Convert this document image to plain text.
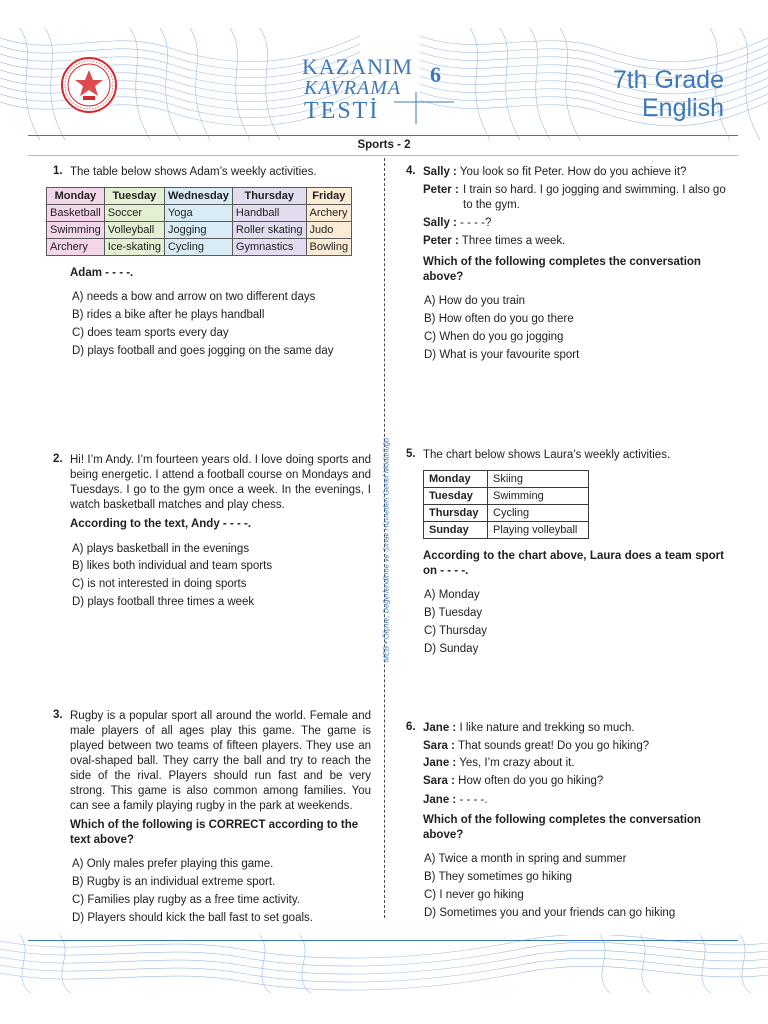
KAZANIM
KAVRAMA
TESTİ
6	7th Grade
English
Sports - 2
MEB • Ölçme, Değerlendirme ve Sınav Hizmetleri Genel Müdürlüğü
1. The table below shows Adam’s weekly activities.
Monday	Tuesday	Wednesday	Thursday	Friday
Basketball	Soccer	Yoga	Handball	Archery
Swimming	Volleyball	Jogging	Roller skating	Judo
Archery	Ice-skating	Cycling	Gymnastics	Bowling
Adam - - - -.
A) needs a bow and arrow on two different days
B) rides a bike after he plays handball
C) does team sports every day
D) plays football and goes jogging on the same day
2. Hi! I’m Andy. I’m fourteen years old. I love doing sports and being energetic. I attend a football course on Mondays and Tuesdays. I go to the gym once a week. In the evenings, I watch basketball matches and play chess.
According to the text, Andy - - - -.
A) plays basketball in the evenings
B) likes both individual and team sports
C) is not interested in doing sports
D) plays football three times a week
3. Rugby is a popular sport all around the world. Female and male players of all ages play this game. The game is played between two teams of fifteen players. They use an oval-shaped ball. They carry the ball and try to reach the side of the rival. Players should run fast and be very strong. This game is also common among families. You can see a family playing rugby in the park at weekends.
Which of the following is CORRECT according to the text above?
A) Only males prefer playing this game.
B) Rugby is an individual extreme sport.
C) Families play rugby as a free time activity.
D) Players should kick the ball fast to set goals.
4. Sally : You look so fit Peter. How do you achieve it?
Peter : I train so hard. I go jogging and swimming. I also go to the gym.
Sally : - - - -?
Peter : Three times a week.
Which of the following completes the conversation above?
A) How do you train
B) How often do you go there
C) When do you go jogging
D) What is your favourite sport
5. The chart below shows Laura’s weekly activities.
Monday	Skiing
Tuesday	Swimming
Thursday	Cycling
Sunday	Playing volleyball
According to the chart above, Laura does a team sport on - - - -.
A) Monday
B) Tuesday
C) Thursday
D) Sunday
6. Jane : I like nature and trekking so much.
Sara : That sounds great! Do you go hiking?
Jane : Yes, I’m crazy about it.
Sara : How often do you go hiking?
Jane : - - - -.
Which of the following completes the conversation above?
A) Twice a month in spring and summer
B) They sometimes go hiking
C) I never go hiking
D) Sometimes you and your friends can go hiking
